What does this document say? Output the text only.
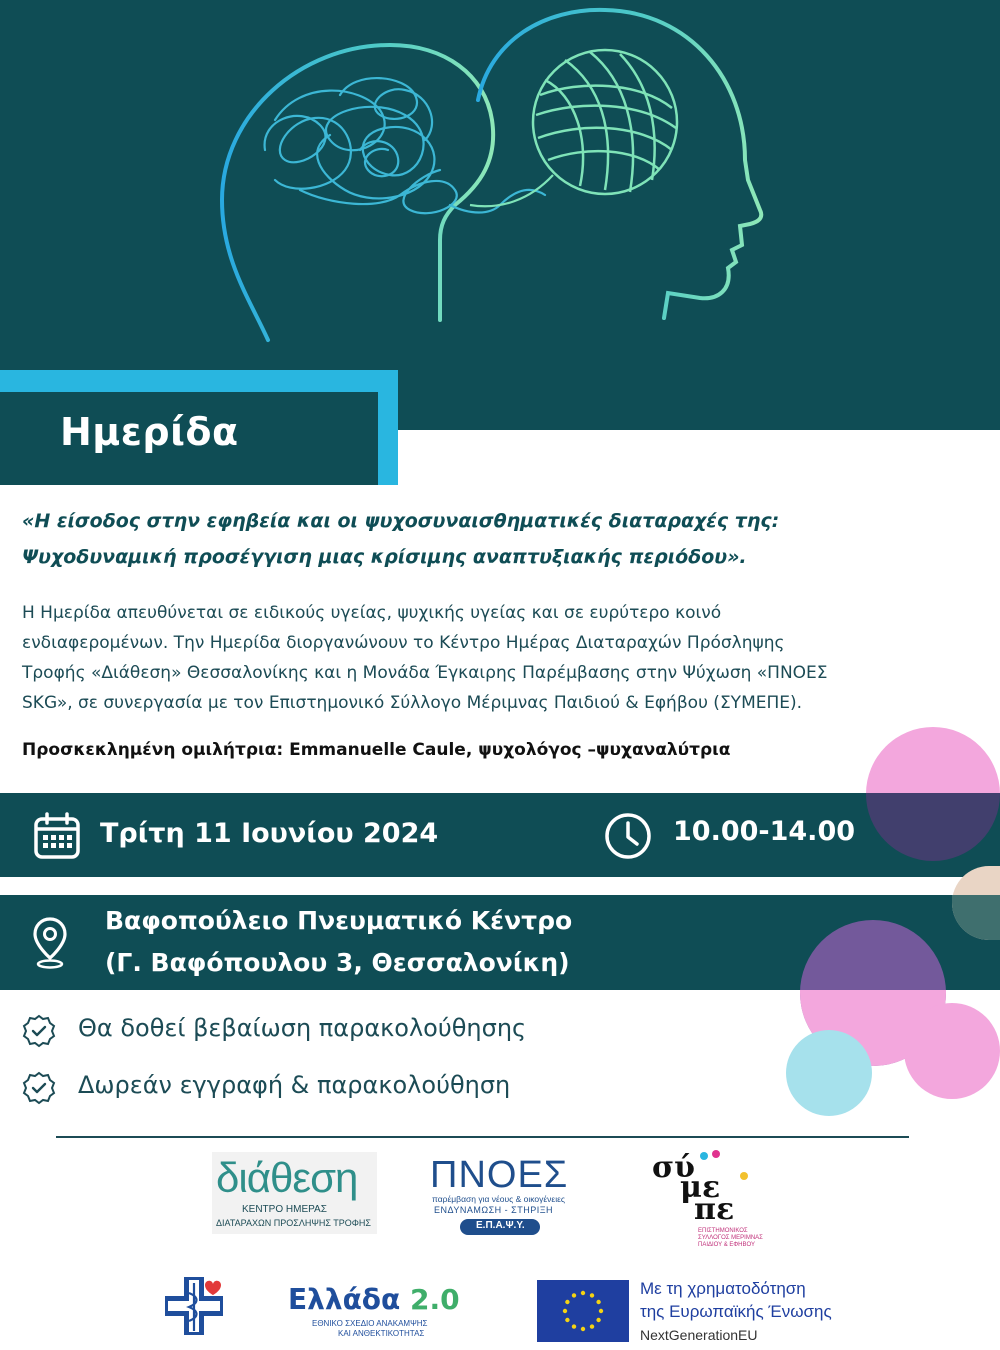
Ημερίδα
«Η είσοδος στην εφηβεία και οι ψυχοσυναισθηματικές διαταραχές της:
Ψυχοδυναμική προσέγγιση μιας κρίσιμης αναπτυξιακής περιόδου».
Η Ημερίδα απευθύνεται σε ειδικούς υγείας, ψυχικής υγείας και σε ευρύτερο κοινό
ενδιαφερομένων. Την Ημερίδα διοργανώνουν το Κέντρο Ημέρας Διαταραχών Πρόσληψης
Τροφής «Διάθεση» Θεσσαλονίκης και η Μονάδα Έγκαιρης Παρέμβασης στην Ψύχωση «ΠΝΟΕΣ
SKG», σε συνεργασία με τον Επιστημονικό Σύλλογο Μέριμνας Παιδιού & Εφήβου (ΣΥΜΕΠΕ).
Προσκεκλημένη ομιλήτρια: Emmanuelle Caule, ψυχολόγος –ψυχαναλύτρια
Τρίτη 11 Ιουνίου 2024	10.00-14.00
Βαφοπούλειο Πνευματικό Κέντρο
(Γ. Βαφόπουλου 3, Θεσσαλονίκη)
Θα δοθεί βεβαίωση παρακολούθησης
Δωρεάν εγγραφή & παρακολούθηση
διάθεση
ΚΕΝΤΡΟ ΗΜΕΡΑΣ
ΔΙΑΤΑΡΑΧΩΝ ΠΡΟΣΛΗΨΗΣ ΤΡΟΦΗΣ
ΠΝΟΕΣ
παρέμβαση για νέους & οικογένειες
ΕΝΔΥΝΑΜΩΣΗ - ΣΤΗΡΙΞΗ
Ε.Π.Α.Ψ.Υ.
σύ
με
πε
ΕΠΙΣΤΗΜΟΝΙΚΟΣ
ΣΥΛΛΟΓΟΣ ΜΕΡΙΜΝΑΣ
ΠΑΙΔΙΟΥ & ΕΦΗΒΟΥ
Ελλάδα 2.0
ΕΘΝΙΚΟ ΣΧΕΔΙΟ ΑΝΑΚΑΜΨΗΣ
ΚΑΙ ΑΝΘΕΚΤΙΚΟΤΗΤΑΣ
Με τη χρηματοδότηση
της Ευρωπαϊκής Ένωσης
NextGenerationEU
